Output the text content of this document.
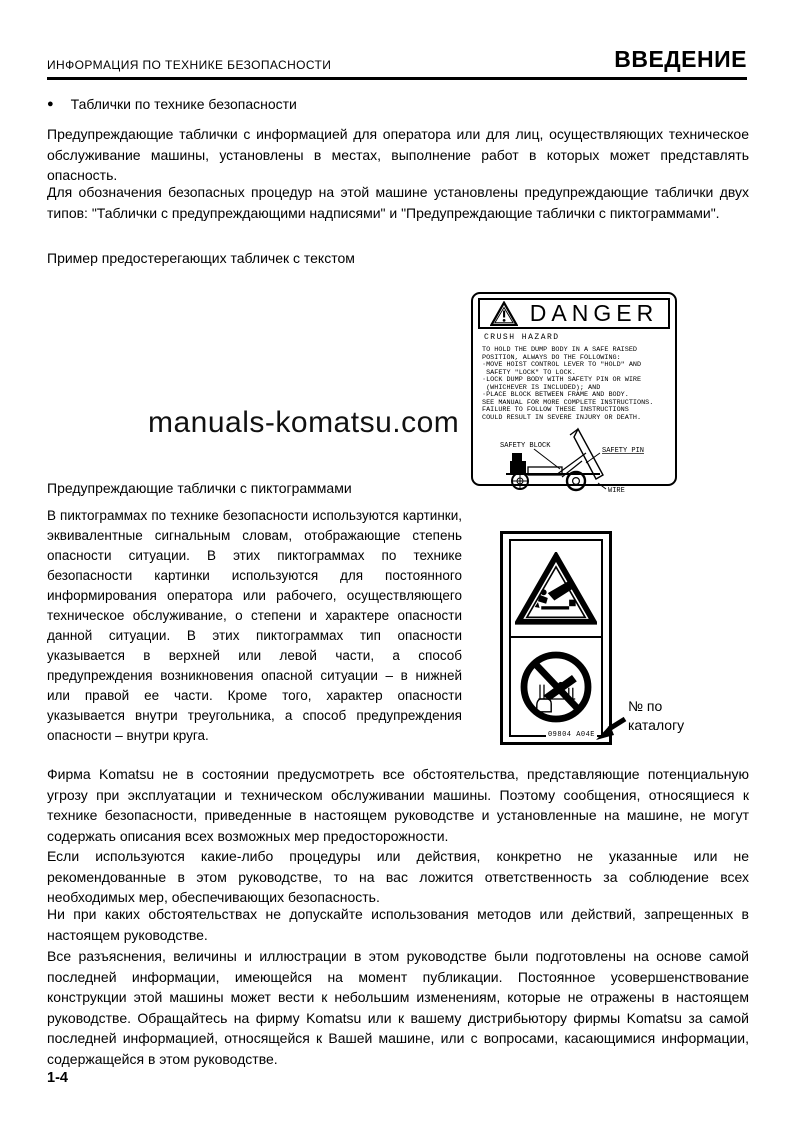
ИНФОРМАЦИЯ ПО ТЕХНИКЕ БЕЗОПАСНОСТИ	ВВЕДЕНИЕ
● Таблички по технике безопасности
Предупреждающие таблички с информацией для оператора или для лиц, осуществляющих техническое обслуживание машины, установлены в местах, выполнение работ в которых может представлять опасность.
Для обозначения безопасных процедур на этой машине установлены предупреждающие таблички двух типов: "Таблички с предупреждающими надписями" и "Предупреждающие таблички с пиктограммами".
Пример предостерегающих табличек с текстом
DANGER
CRUSH HAZARD
TO HOLD THE DUMP BODY IN A SAFE RAISED
POSITION, ALWAYS DO THE FOLLOWING:
·MOVE HOIST CONTROL LEVER TO "HOLD" AND
SAFETY "LOCK" TO LOCK.
·LOCK DUMP BODY WITH SAFETY PIN OR WIRE
(WHICHEVER IS INCLUDED); AND
·PLACE BLOCK BETWEEN FRAME AND BODY.
SEE MANUAL FOR MORE COMPLETE INSTRUCTIONS.
FAILURE TO FOLLOW THESE INSTRUCTIONS
COULD RESULT IN SEVERE INJURY OR DEATH.
SAFETY BLOCK
SAFETY PIN
WIRE
manuals-komatsu.com
Предупреждающие таблички с пиктограммами
В пиктограммах по технике безопасности используются картинки, эквивалентные сигнальным словам, отображающие степень опасности ситуации. В этих пиктограммах по технике безопасности картинки используются для постоянного информирования оператора или рабочего, осуществляющего техническое обслуживание, о степени и характере опасности данной ситуации. В этих пиктограммах тип опасности указывается в верхней или левой части, а способ предупреждения возникновения опасной ситуации – в нижней или правой ее части. Кроме того, характер опасности указывается внутри треугольника, а способ предупреждения опасности – внутри круга.	09804 A04E
№ по
каталогу
Фирма Komatsu не в состоянии предусмотреть все обстоятельства, представляющие потенциальную угрозу при эксплуатации и техническом обслуживании машины. Поэтому сообщения, относящиеся к технике безопасности, приведенные в настоящем руководстве и установленные на машине, не могут содержать описания всех возможных мер предосторожности.
Если используются какие-либо процедуры или действия, конкретно не указанные или не рекомендованные в этом руководстве, то на вас ложится ответственность за соблюдение всех необходимых мер, обеспечивающих безопасность.
Ни при каких обстоятельствах не допускайте использования методов или действий, запрещенных в настоящем руководстве.
Все разъяснения, величины и иллюстрации в этом руководстве были подготовлены на основе самой последней информации, имеющейся на момент публикации. Постоянное усовершенствование конструкции этой машины может вести к небольшим изменениям, которые не отражены в настоящем руководстве. Обращайтесь на фирму Komatsu или к вашему дистрибьютору фирмы Komatsu за самой последней информацией, относящейся к Вашей машине, или с вопросами, касающимися информации, содержащейся в этом руководстве.
1-4
